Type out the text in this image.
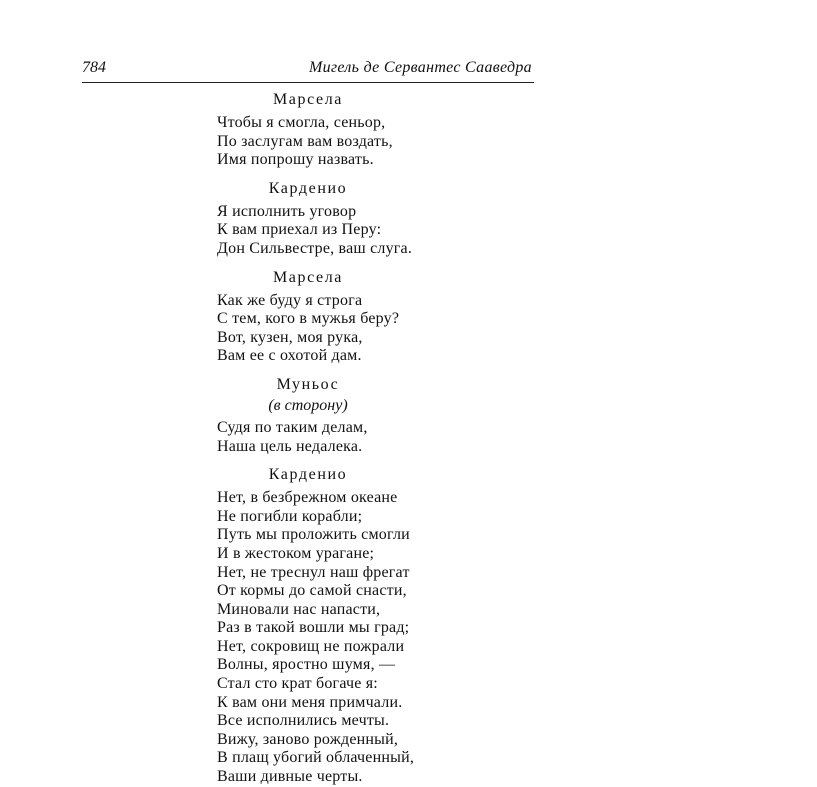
784	Мигель де Сервантес Сааведра
Марсела
Чтобы я смогла, сеньор,
По заслугам вам воздать,
Имя попрошу назвать.
Карденио
Я исполнить уговор
К вам приехал из Перу:
Дон Сильвестре, ваш слуга.
Марсела
Как же буду я строга
С тем, кого в мужья беру?
Вот, кузен, моя рука,
Вам ее с охотой дам.
Муньос
(в сторону)
Судя по таким делам,
Наша цель недалека.
Карденио
Нет, в безбрежном океане
Не погибли корабли;
Путь мы проложить смогли
И в жестоком урагане;
Нет, не треснул наш фрегат
От кормы до самой снасти,
Миновали нас напасти,
Раз в такой вошли мы град;
Нет, сокровищ не пожрали
Волны, яростно шумя, —
Стал сто крат богаче я:
К вам они меня примчали.
Все исполнились мечты.
Вижу, заново рожденный,
В плащ убогий облаченный,
Ваши дивные черты.
